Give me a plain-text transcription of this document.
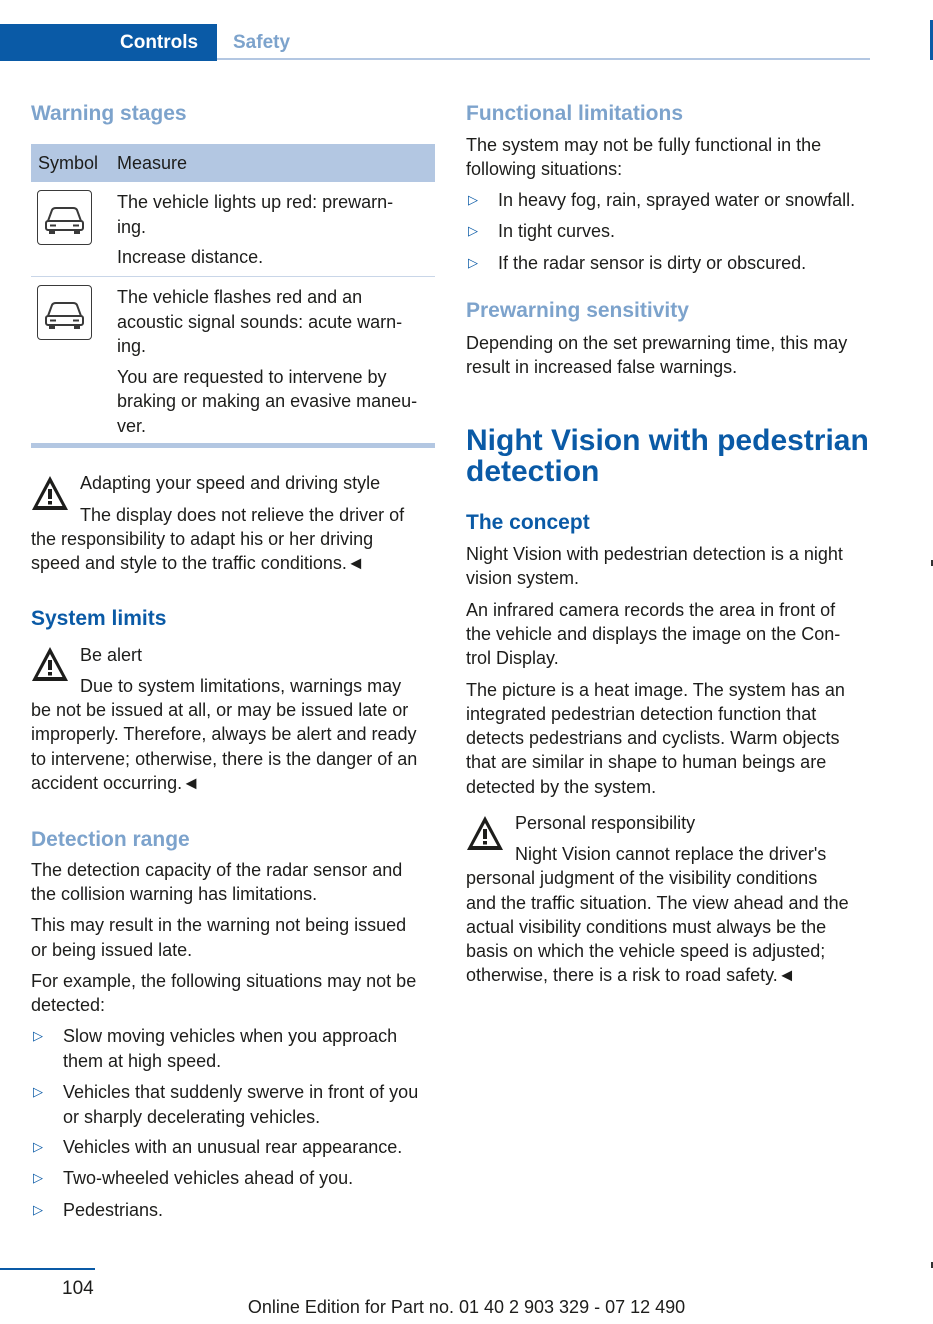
Controls Safety
Warning stages
Symbol Measure
The vehicle lights up red: prewarn-
ing.
Increase distance.
The vehicle flashes red and an
acoustic signal sounds: acute warn-
ing.
You are requested to intervene by
braking or making an evasive maneu-
ver.
Adapting your speed and driving style
The display does not relieve the driver of
the responsibility to adapt his or her driving
speed and style to the traffic conditions.◄
System limits
Be alert
Due to system limitations, warnings may
be not be issued at all, or may be issued late or
improperly. Therefore, always be alert and ready
to intervene; otherwise, there is the danger of an
accident occurring.◄
Detection range
The detection capacity of the radar sensor and
the collision warning has limitations.
This may result in the warning not being issued
or being issued late.
For example, the following situations may not be
detected:
▷ Slow moving vehicles when you approach
them at high speed.
▷ Vehicles that suddenly swerve in front of you
or sharply decelerating vehicles.
▷ Vehicles with an unusual rear appearance.
▷ Two-wheeled vehicles ahead of you.
▷ Pedestrians.
Functional limitations
The system may not be fully functional in the
following situations:
▷ In heavy fog, rain, sprayed water or snowfall.
▷ In tight curves.
▷ If the radar sensor is dirty or obscured.
Prewarning sensitivity
Depending on the set prewarning time, this may
result in increased false warnings.
Night Vision with pedestrian
detection
The concept
Night Vision with pedestrian detection is a night
vision system.
An infrared camera records the area in front of
the vehicle and displays the image on the Con-
trol Display.
The picture is a heat image. The system has an
integrated pedestrian detection function that
detects pedestrians and cyclists. Warm objects
that are similar in shape to human beings are
detected by the system.
Personal responsibility
Night Vision cannot replace the driver's
personal judgment of the visibility conditions
and the traffic situation. The view ahead and the
actual visibility conditions must always be the
basis on which the vehicle speed is adjusted;
otherwise, there is a risk to road safety.◄
104
Online Edition for Part no. 01 40 2 903 329 - 07 12 490
